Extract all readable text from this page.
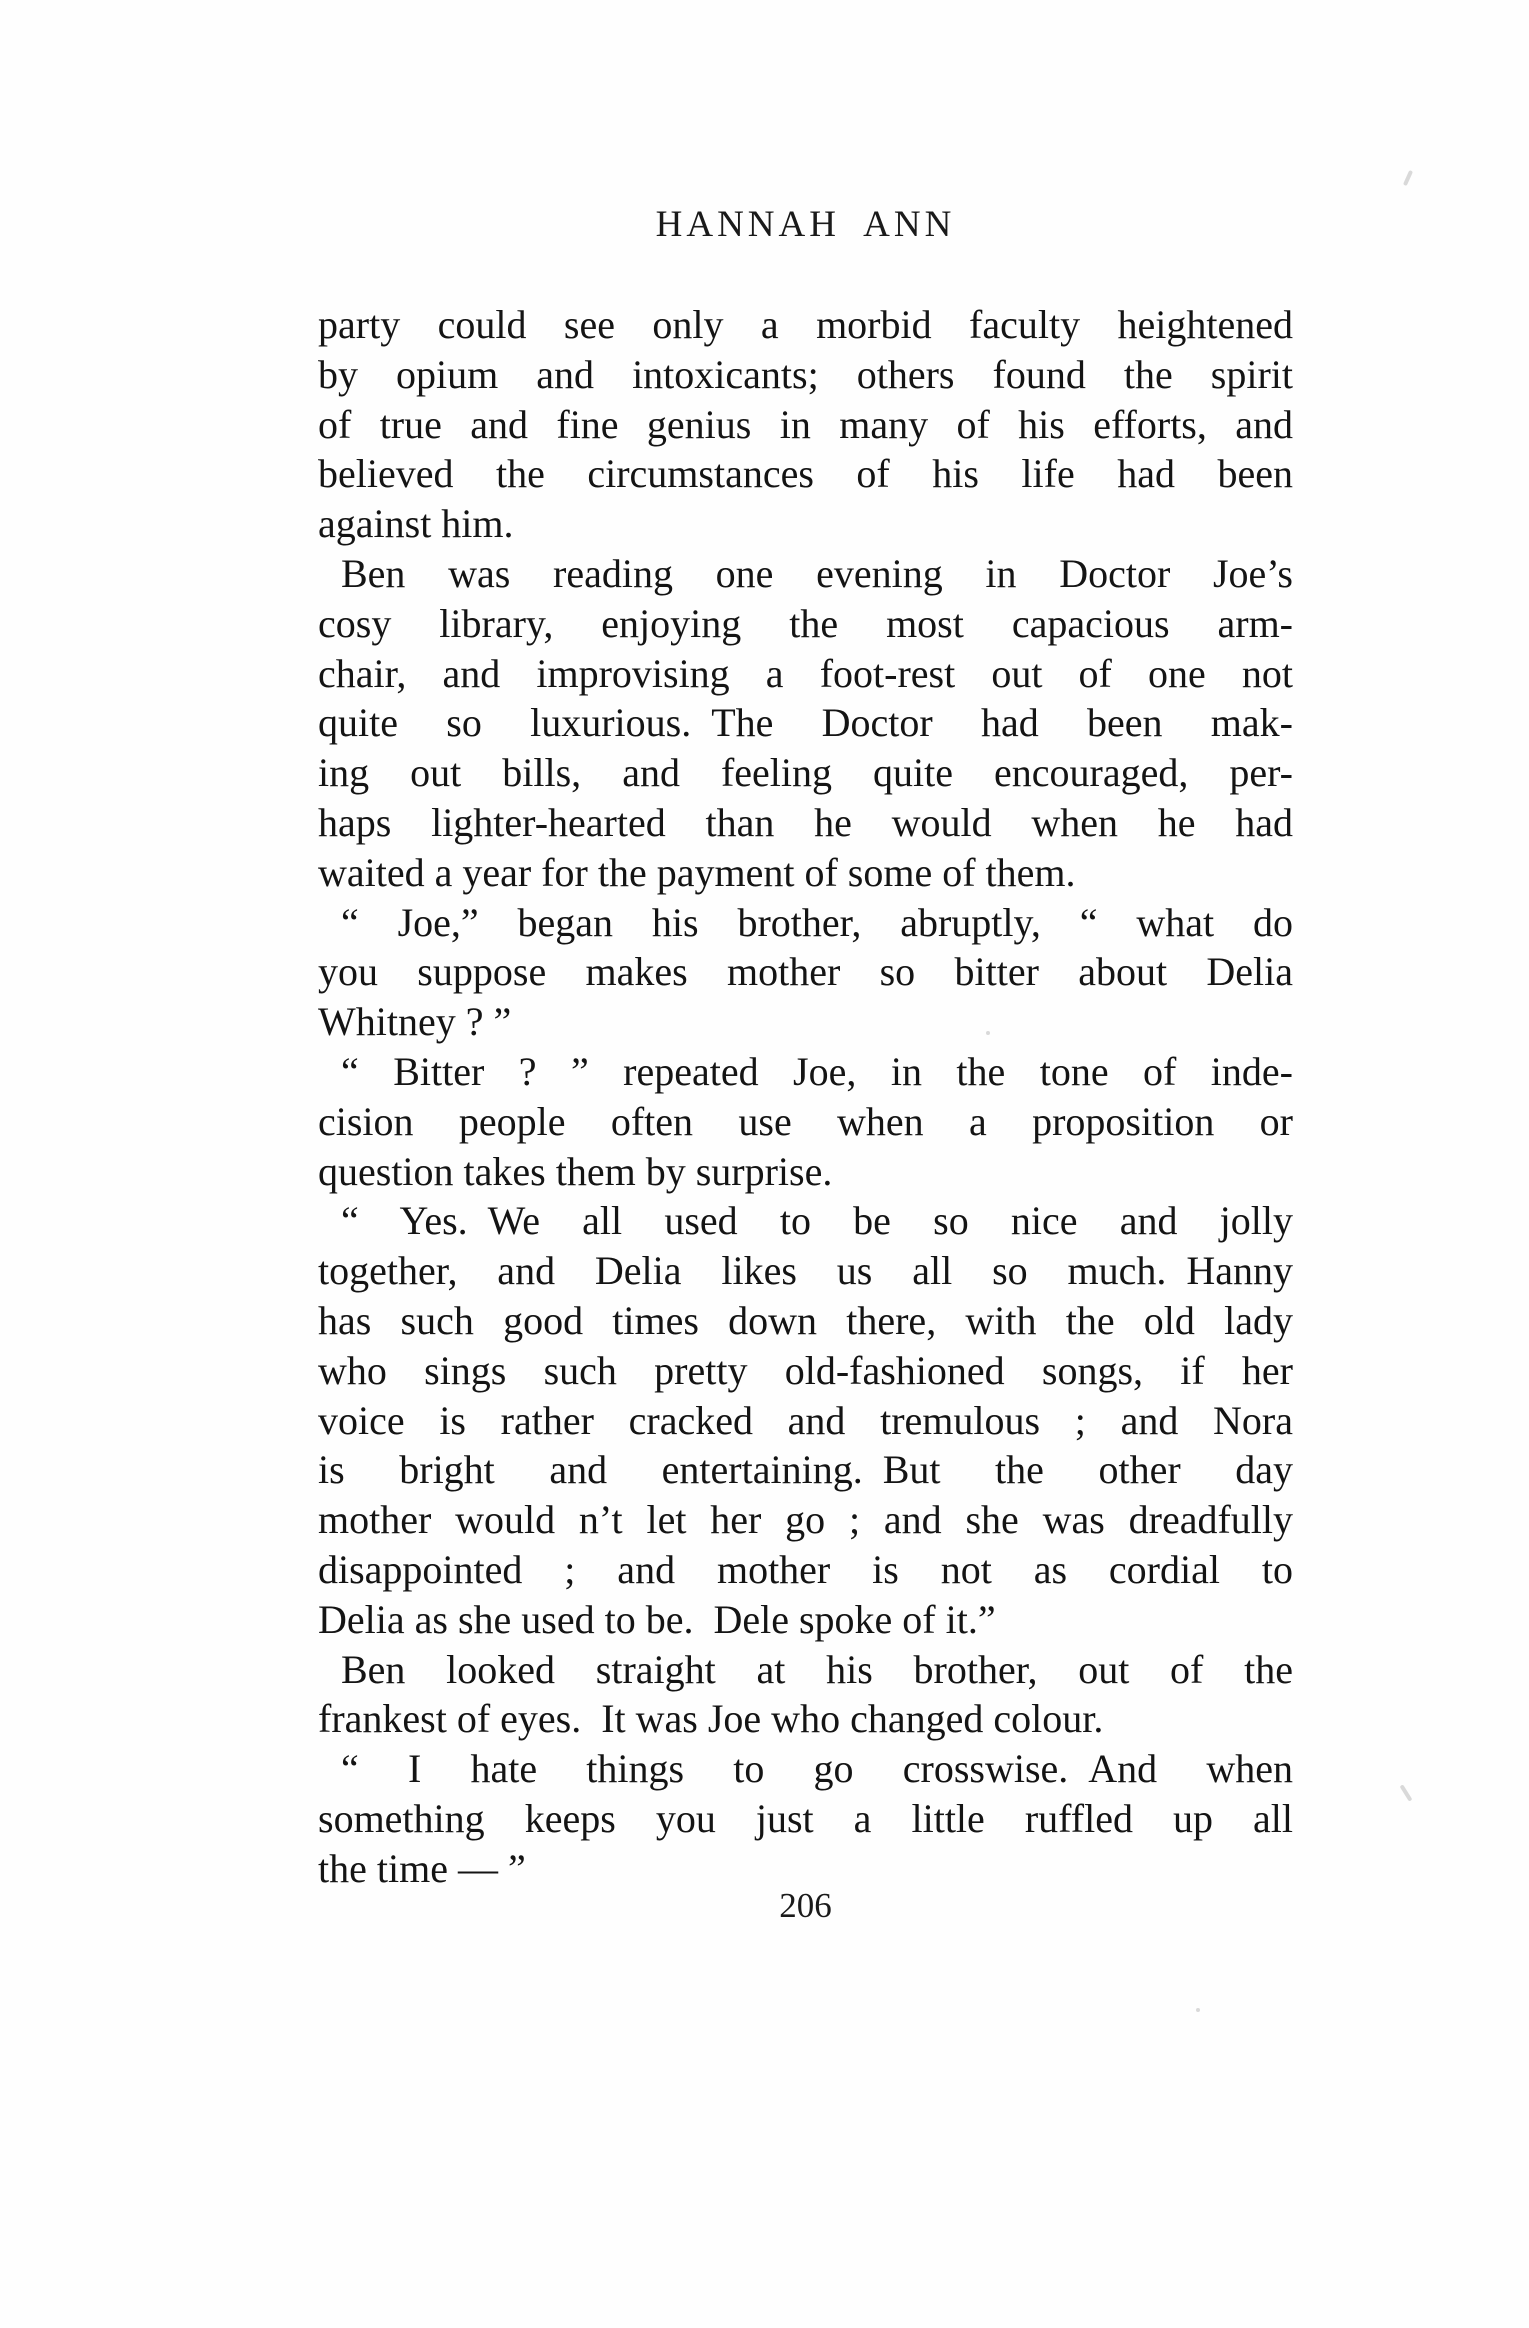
HANNAH ANN
party could see only a morbid faculty heightened
by opium and intoxicants; others found the spirit
of true and fine genius in many of his efforts, and
believed the circumstances of his life had been
against him.
Ben was reading one evening in Doctor Joe’s
cosy library, enjoying the most capacious arm-
chair, and improvising a foot-rest out of one not
quite so luxurious. The Doctor had been mak-
ing out bills, and feeling quite encouraged, per-
haps lighter-hearted than he would when he had
waited a year for the payment of some of them.
“ Joe,” began his brother, abruptly, “ what do
you suppose makes mother so bitter about Delia
Whitney ? ”
“ Bitter ? ” repeated Joe, in the tone of inde-
cision people often use when a proposition or
question takes them by surprise.
“ Yes. We all used to be so nice and jolly
together, and Delia likes us all so much. Hanny
has such good times down there, with the old lady
who sings such pretty old-fashioned songs, if her
voice is rather cracked and tremulous ; and Nora
is bright and entertaining. But the other day
mother would n’t let her go ; and she was dreadfully
disappointed ; and mother is not as cordial to
Delia as she used to be. Dele spoke of it.”
Ben looked straight at his brother, out of the
frankest of eyes. It was Joe who changed colour.
“ I hate things to go crosswise. And when
something keeps you just a little ruffled up all
the time — ”
206
